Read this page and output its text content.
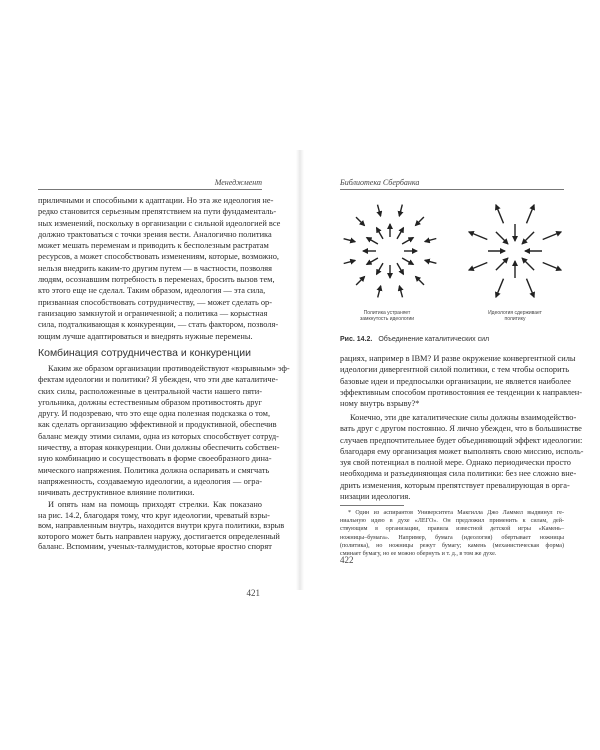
Менеджмент
приличными и способными к адаптации. Но эта же идеология не-
редко становится серьезным препятствием на пути фундаменталь-
ных изменений, поскольку в организации с сильной идеологией все
должно трактоваться с точки зрения вести. Аналогично политика
может мешать переменам и приводить к бесполезным растратам
ресурсов, а может способствовать изменениям, которые, возможно,
нельзя внедрить каким-то другим путем — в частности, позволяя
людям, осознавшим потребность в переменах, бросить вызов тем,
кто этого еще не сделал. Таким образом, идеология — эта сила,
призванная способствовать сотрудничеству, — может сделать op-
ганизацию замкнутой и ограниченной; а политика — корыстная
сила, подталкивающая к конкуренции, — стать фактором, позволя-
ющим лучше адаптироваться и внедрять нужные перемены.
Комбинация сотрудничества и конкуренции
Каким же образом организации противодействуют «взрывным» эф-
фектам идеологии и политики? Я убежден, что эти две каталитиче-
ских силы, расположенные в центральной части нашего пяти-
угольника, должны естественным образом противостоять друг
другу. И подозреваю, что это еще одна полезная подсказка о том,
как сделать организацию эффективной и продуктивной, обеспечив
баланс между этими силами, одна из которых способствует сотруд-
ничеству, а вторая конкуренции. Они должны обеспечить собствен-
ную комбинацию и сосуществовать в форме своеобразного дина-
мического напряжения. Политика должна оспаривать и смягчать
напряженность, создаваемую идеологии, а идеология — огра-
ничивать деструктивное влияние политики.
И опять нам на помощь приходят стрелки. Как показано
на рис. 14.2, благодаря тому, что круг идеологии, чреватый взры-
вом, направленным внутрь, находится внутри круга политики, взрыв
которого может быть направлен наружу, достигается определенный
баланс. Вспомним, ученых-талмудистов, которые яростно спорят
421
Библиотека Сбербанка
Политика устраняет
замкнутость идеологии
Идеология сдерживает
политику
Рис. 14.2. Объединение каталитических сил
рациях, например в IBM? И разве окружение конвергентной силы
идеологии дивергентной силой политики, с тем чтобы оспорить
базовые идеи и предпосылки организации, не является наиболее
эффективным способом противостояния ее тенденции к направлен-
ному внутрь взрыву?*
Конечно, эти две каталитические силы должны взаимодейство-
вать друг с другом постоянно. Я лично убежден, что в большинстве
случаев предпочтительнее будет объединяющий эффект идеологии:
благодаря ему организация может выполнять свою миссию, исполь-
зуя свой потенциал в полной мере. Однако периодически просто
необходима и разъединяющая сила политики: без нее сложно вне-
дрить изменения, которым препятствует превалирующая в орга-
низации идеология.
* Один из аспирантов Университета Макгилла Джо Ламмел выдвинул ге-
ниальную идею в духе «ЛЕГО». Он предложил применить к силам, дей-
ствующим в организации, правила известной детской игры «Камень–
ножницы–бумага». Например, бумага (идеология) обертывает ножницы
(политика), но ножницы режут бумагу; камень (механистическая форма)
сминает бумагу, но ее можно обернуть и т. д., в том же духе.
422
